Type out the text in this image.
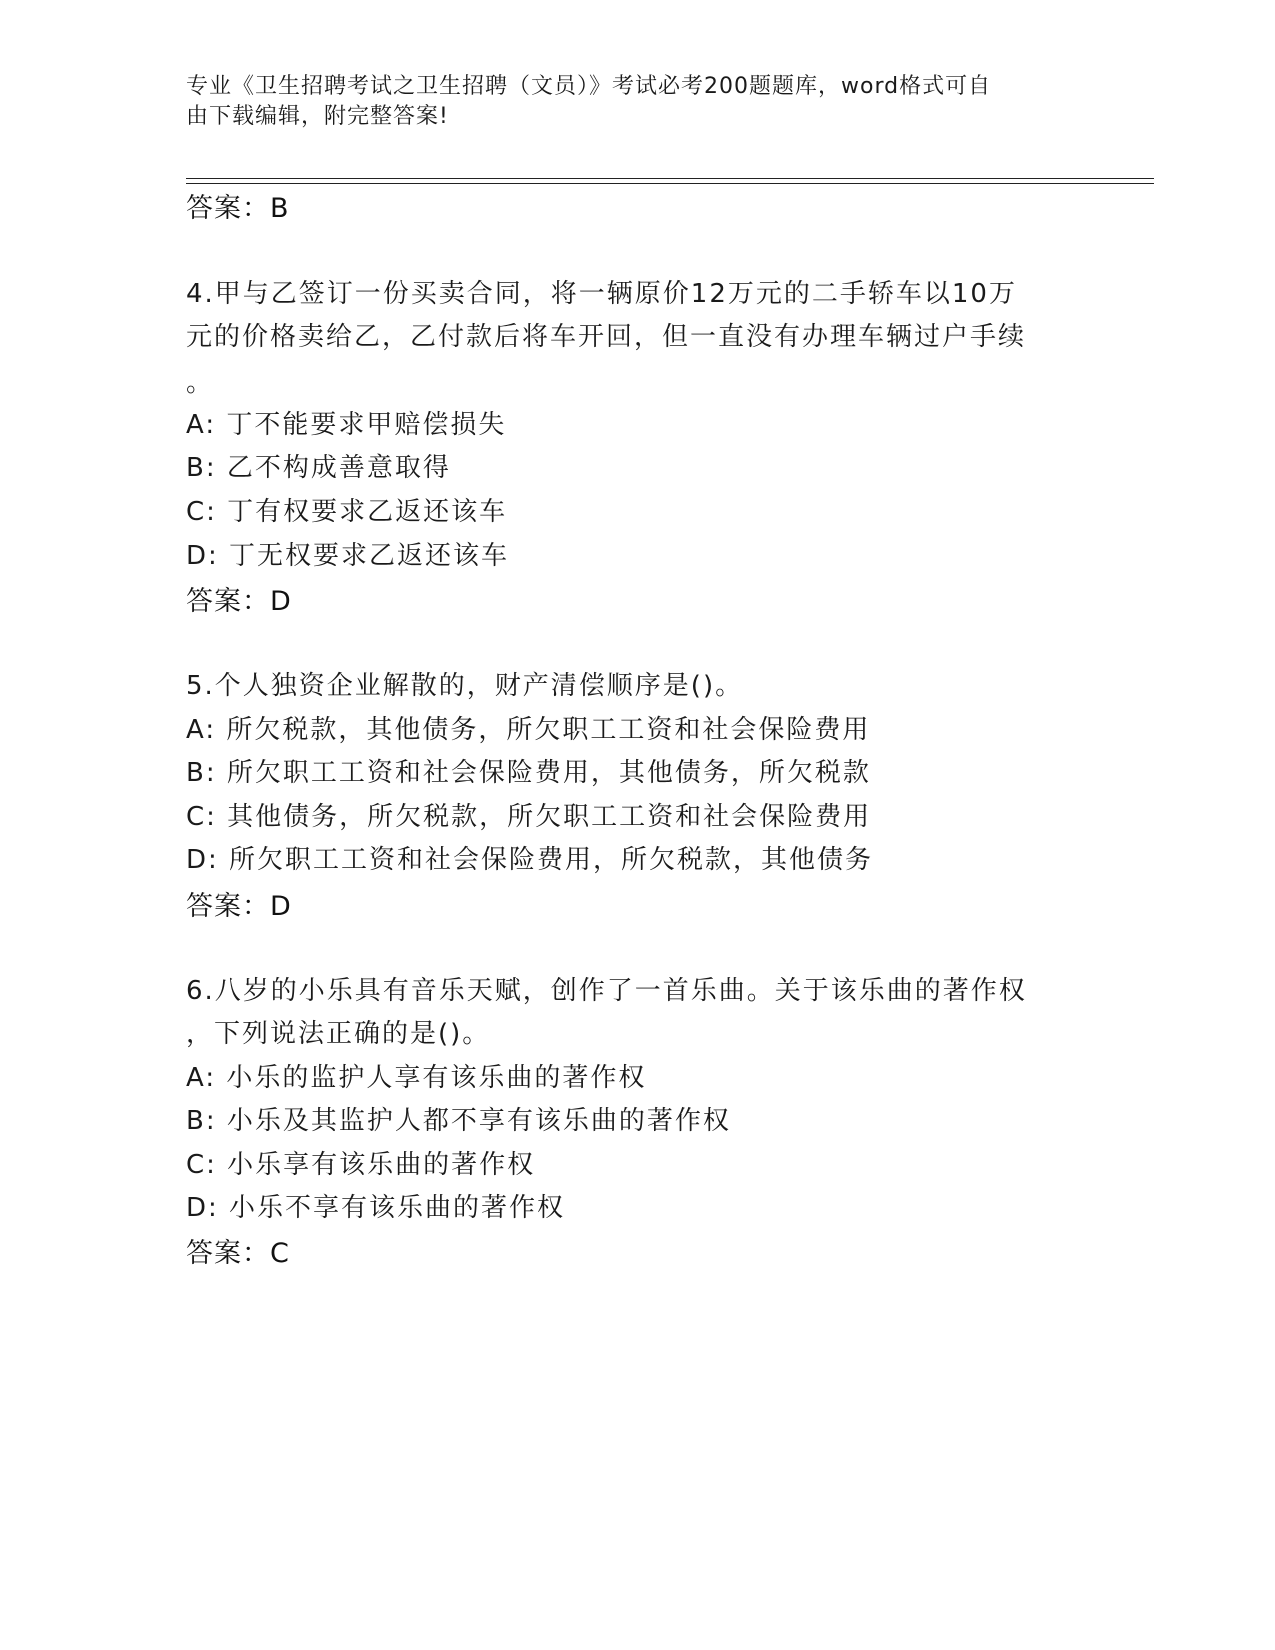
专业《卫生招聘考试之卫生招聘（文员）》考试必考200题题库，word格式可自
由下载编辑，附完整答案!
答案：B
4.甲与乙签订一份买卖合同，将一辆原价12万元的二手轿车以10万
元的价格卖给乙，乙付款后将车开回，但一直没有办理车辆过户手续
。
A: 丁不能要求甲赔偿损失
B: 乙不构成善意取得
C: 丁有权要求乙返还该车
D: 丁无权要求乙返还该车
答案：D
5.个人独资企业解散的，财产清偿顺序是()。
A: 所欠税款，其他债务，所欠职工工资和社会保险费用
B: 所欠职工工资和社会保险费用，其他债务，所欠税款
C: 其他债务，所欠税款，所欠职工工资和社会保险费用
D: 所欠职工工资和社会保险费用，所欠税款，其他债务
答案：D
6.八岁的小乐具有音乐天赋，创作了一首乐曲。关于该乐曲的著作权
，下列说法正确的是()。
A: 小乐的监护人享有该乐曲的著作权
B: 小乐及其监护人都不享有该乐曲的著作权
C: 小乐享有该乐曲的著作权
D: 小乐不享有该乐曲的著作权
答案：C
